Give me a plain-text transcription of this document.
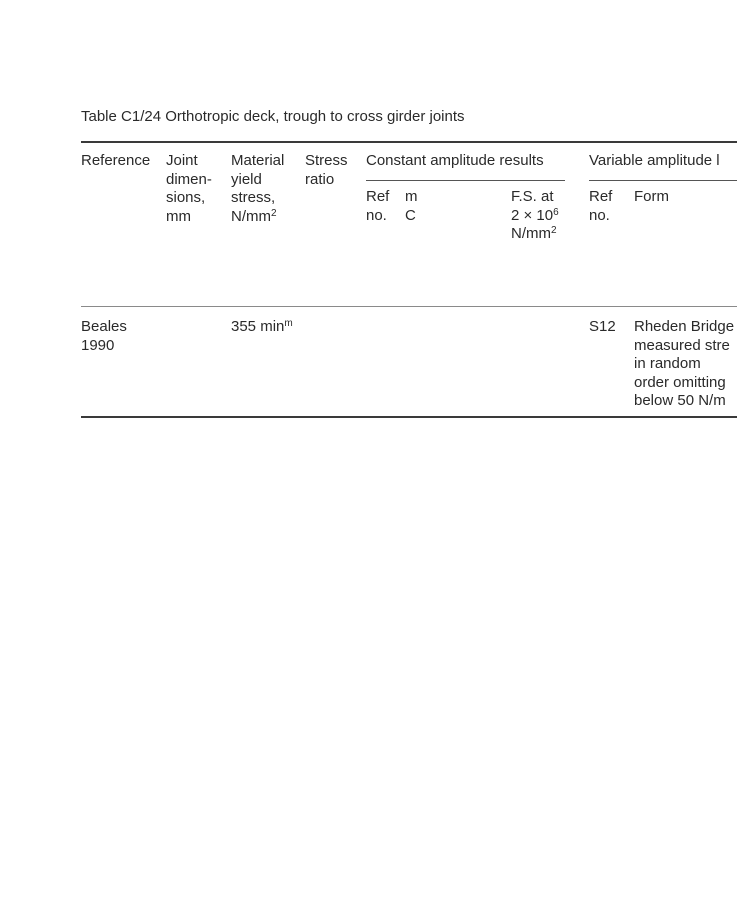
Table C1/24 Orthotropic deck, trough to cross girder joints
Reference Joint
dimen-
sions,
mm
Material
yield
stress,
$N/mm^2$
Stress
ratio
Constant amplitude results
Ref
no.
m
C
F.S. at
$2 \times 10^6$
$N/mm^2$
Variable amplitude l
Ref
no.
Form
Beales
1990
355 $\min^m$	S12 Rheden Bridge
measured stre
in random
order omitting
below 50 N/m
